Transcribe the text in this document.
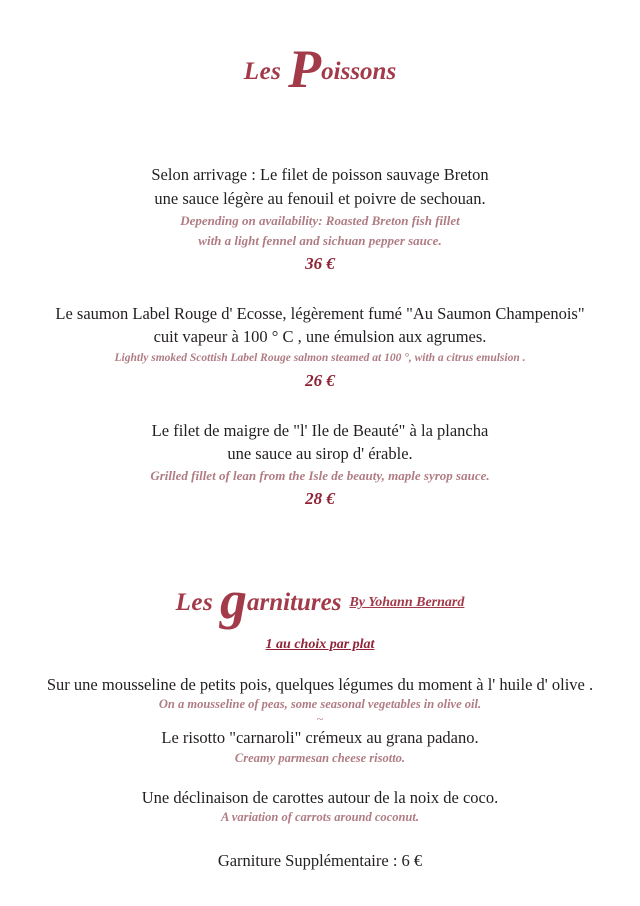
Les Poissons
Selon arrivage : Le filet de poisson sauvage Breton
une sauce légère au fenouil et poivre de sechouan.
Depending on availability: Roasted Breton fish fillet
with a light fennel and sichuan pepper sauce.
36 €
Le saumon Label Rouge d' Ecosse, légèrement fumé "Au Saumon Champenois"
cuit vapeur à 100 ° C , une émulsion aux agrumes.
Lightly smoked Scottish Label Rouge salmon steamed at 100 °, with a citrus emulsion .
26 €
Le filet de maigre de "l' Ile de Beauté" à la plancha
une sauce au sirop d' érable.
Grilled fillet of lean from the Isle de beauty, maple syrop sauce.
28 €
Les garnitures By Yohann Bernard
1 au choix par plat
Sur une mousseline de petits pois, quelques légumes du moment à l' huile d' olive .
On a mousseline of peas, some seasonal vegetables in olive oil.
~
Le risotto "carnaroli" crémeux au grana padano.
Creamy parmesan cheese risotto.
Une déclinaison de carottes autour de la noix de coco.
A variation of carrots around coconut.
Garniture Supplémentaire : 6 €
